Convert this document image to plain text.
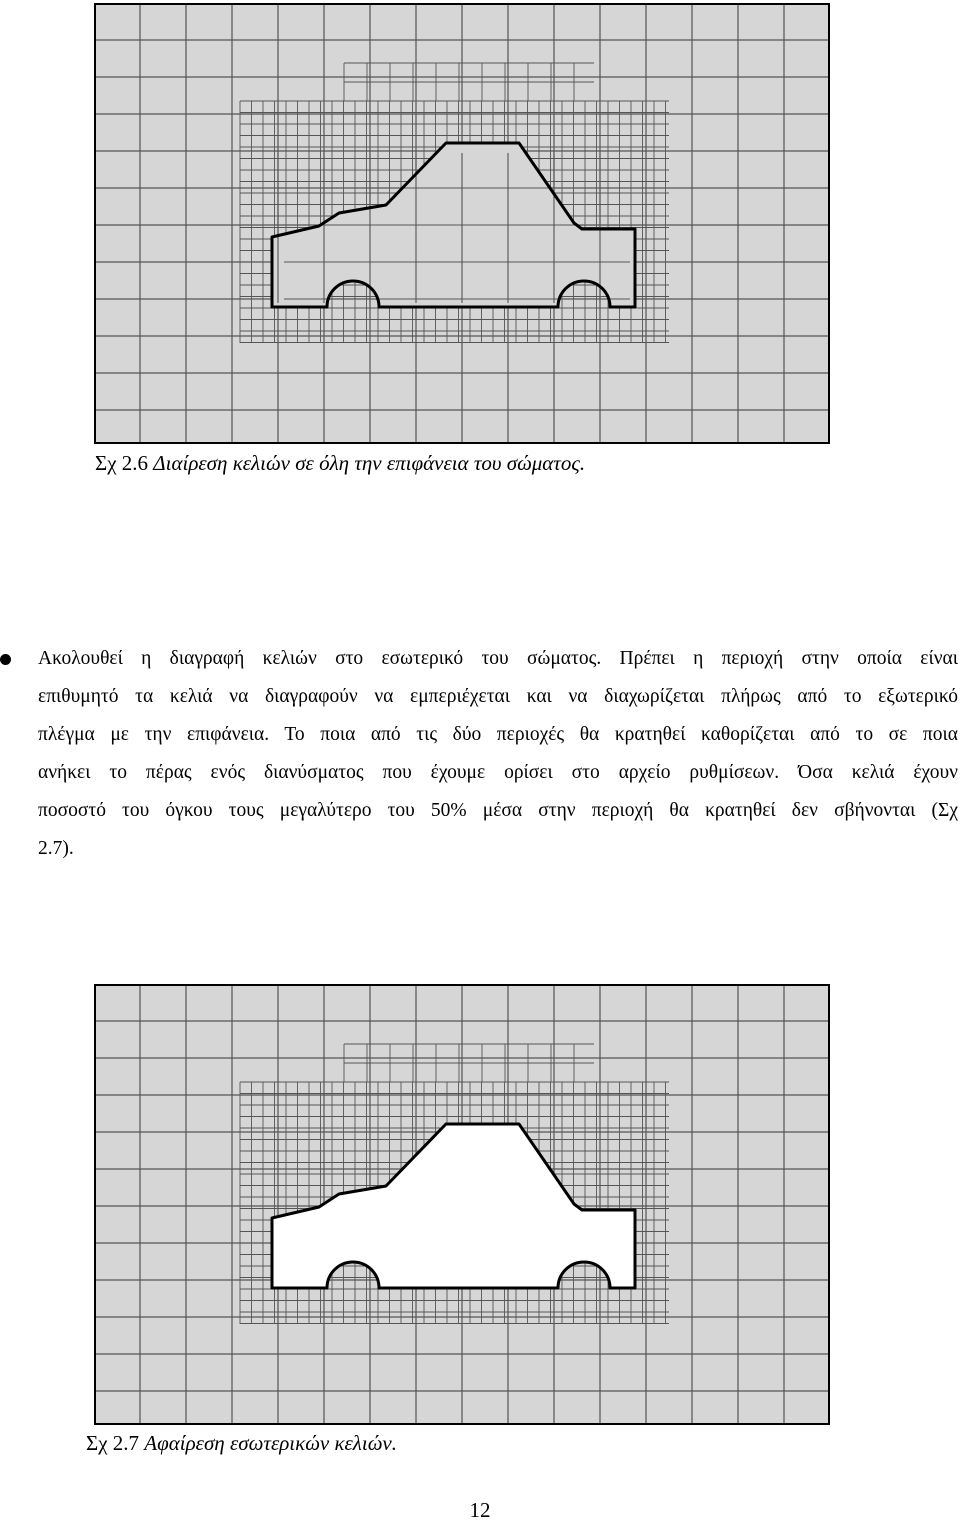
Σχ 2.6 Διαίρεση κελιών σε όλη την επιφάνεια του σώματος.
Ακολουθεί η διαγραφή κελιών στο εσωτερικό του σώματος. Πρέπει η περιοχή στην οποία είναι
επιθυμητό τα κελιά να διαγραφούν να εμπεριέχεται και να διαχωρίζεται πλήρως από το εξωτερικό
πλέγμα με την επιφάνεια. Το ποια από τις δύο περιοχές θα κρατηθεί καθορίζεται από το σε ποια
ανήκει το πέρας ενός διανύσματος που έχουμε ορίσει στο αρχείο ρυθμίσεων. Όσα κελιά έχουν
ποσοστό του όγκου τους μεγαλύτερο του 50% μέσα στην περιοχή θα κρατηθεί δεν σβήνονται (Σχ
2.7).
Σχ 2.7 Αφαίρεση εσωτερικών κελιών.
12
